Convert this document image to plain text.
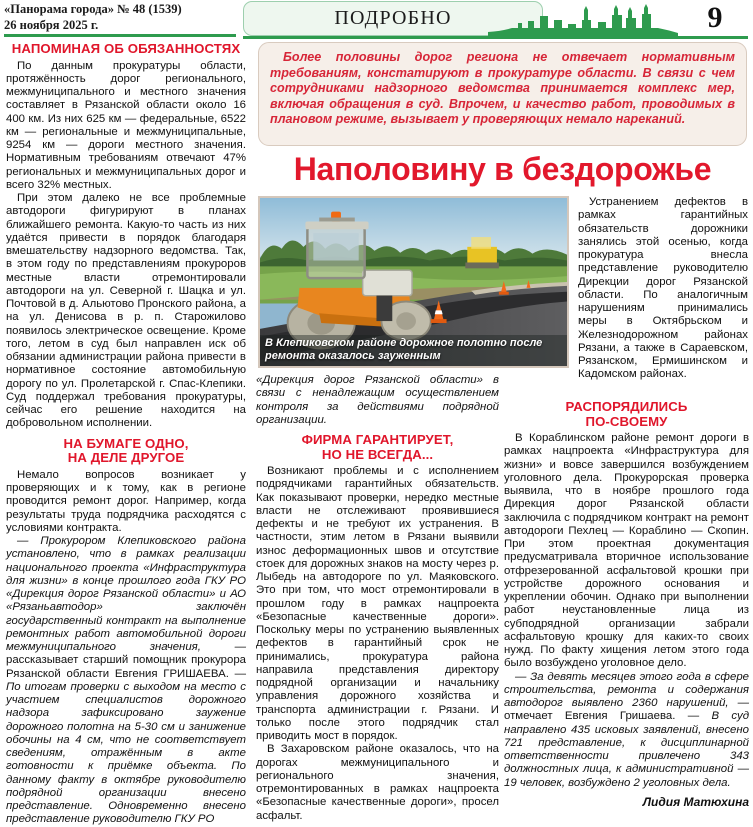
«Панорама города» № 48 (1539)
26 ноября 2025 г.	ПОДРОБНО	9

Более половины дорог региона не отвечает нормативным требованиям, констатируют в прокуратуре области. В связи с чем сотрудниками надзорного ведомства принимается комплекс мер, включая обращения в суд. Впрочем, и качество работ, проводимых в плановом режиме, вызывает у проверяющих немало нареканий.

Наполовину в бездорожье
В Клепиковском районе дорожное полотно после ремонта оказалось зауженным
НАПОМИНАЯ ОБ ОБЯЗАННОСТЯХ

По данным прокуратуры области, протяжённость дорог регионального, межмуниципального и местного значения составляет в Рязанской области около 16 400 км. Из них 625 км — федеральные, 6522 км — региональные и межмуниципальные, 9254 км — дороги местного значения. Нормативным требованиям отвечают 47% региональных и межмуниципальных дорог и всего 32% местных.

При этом далеко не все проблемные автодороги фигурируют в планах ближайшего ремонта. Какую-то часть из них удаётся привести в порядок благодаря вмешательству надзорного ведомства. Так, в этом году по представлениям прокуроров местные власти отремонтировали автодороги на ул. Северной г. Шацка и ул. Почтовой в д. Альютово Пронского района, а на ул. Денисова в р. п. Старожилово появилось электрическое освещение. Кроме того, летом в суд был направлен иск об обязании администрации района привести в нормативное состояние автомобильную дорогу по ул. Пролетарской г. Спас-Клепики. Суд поддержал требования прокуратуры, сейчас его решение находится на добровольном исполнении.

НА БУМАГЕ ОДНО,
НА ДЕЛЕ ДРУГОЕ

Немало вопросов возникает у проверяющих и к тому, как в регионе проводится ремонт дорог. Например, когда результаты труда подрядчика расходятся с условиями контракта.

— Прокурором Клепиковского района установлено, что в рамках реализации национального проекта «Инфраструктура для жизни» в конце прошлого года ГКУ РО «Дирекция дорог Рязанской области» и АО «Рязаньавтодор» заключён государственный контракт на выполнение ремонтных работ автомобильной дороги межмуниципального значения, — рассказывает старший помощник прокурора Рязанской области Евгения ГРИШАЕВА. — По итогам проверки с выходом на место с участием специалистов дорожного надзора зафиксировано заужение дорожного полотна на 5-30 см и занижение обочины на 4 см, что не соответствует сведениям, отражённым в акте готовности к приёмке объекта. По данному факту в октябре руководителю подрядной организации внесено представление. Одновременно внесено представление руководителю ГКУ РО

«Дирекция дорог Рязанской области» в связи с ненадлежащим осуществлением контроля за действиями подрядной организации.

ФИРМА ГАРАНТИРУЕТ,
НО НЕ ВСЕГДА...

Возникают проблемы и с исполнением подрядчиками гарантийных обязательств. Как показывают проверки, нередко местные власти не отслеживают проявившиеся дефекты и не требуют их устранения. В частности, этим летом в Рязани выявили износ деформационных швов и отсутствие стоек для дорожных знаков на мосту через р. Лыбедь на автодороге по ул. Маяковского. Это при том, что мост отремонтировали в прошлом году в рамках нацпроекта «Безопасные качественные дороги». Поскольку меры по устранению выявленных дефектов в гарантийный срок не принимались, прокуратура района направила представления директору подрядной организации и начальнику управления дорожного хозяйства и транспорта администрации г. Рязани. И только после этого подрядчик стал приводить мост в порядок.

В Захаровском районе оказалось, что на дорогах межмуниципального и регионального значения, отремонтированных в рамках нацпроекта «Безопасные качественные дороги», просел асфальт.

Устранением дефектов в рамках гарантийных обязательств дорожники занялись этой осенью, когда прокуратура внесла представление руководителю Дирекции дорог Рязанской области. По аналогичным нарушениям принимались меры в Октябрьском и Железнодорожном районах Рязани, а также в Сараевском, Рязанском, Ермишинском и Кадомском районах.

РАСПОРЯДИЛИСЬ
ПО-СВОЕМУ

В Кораблинском районе ремонт дороги в рамках нацпроекта «Инфраструктура для жизни» и вовсе завершился возбуждением уголовного дела. Прокурорская проверка выявила, что в ноябре прошлого года Дирекция дорог Рязанской области заключила с подрядчиком контракт на ремонт автодороги Пехлец — Кораблино — Скопин. При этом проектная документация предусматривала вторичное использование отфрезерованной асфальтовой крошки при устройстве дорожного основания и укреплении обочин. Однако при выполнении работ неустановленные лица из субподрядной организации забрали асфальтовую крошку для каких-то своих нужд. По факту хищения летом этого года было возбуждено уголовное дело.

— За девять месяцев этого года в сфере строительства, ремонта и содержания автодорог выявлено 2360 нарушений, — отмечает Евгения Гришаева. — В суд направлено 435 исковых заявлений, внесено 721 представление, к дисциплинарной ответственности привлечено 343 должностных лица, к административной — 19 человек, возбуждено 2 уголовных дела.

Лидия Матюхина
